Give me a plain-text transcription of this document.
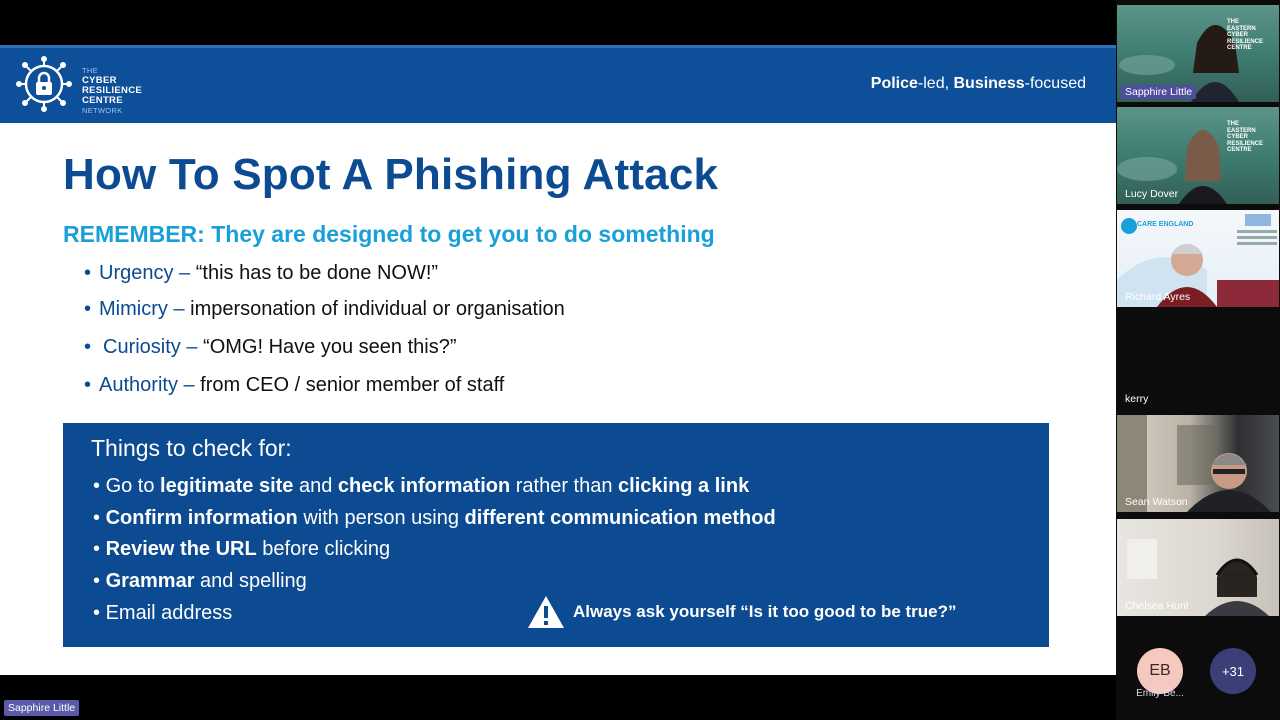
THE
CYBER
RESILIENCE
CENTRE
NETWORK
Police-led, Business-focused
How To Spot A Phishing Attack
REMEMBER: They are designed to get you to do something
• Urgency – “this has to be done NOW!”
• Mimicry – impersonation of individual or organisation
• Curiosity – “OMG! Have you seen this?”
• Authority – from CEO / senior member of staff
Things to check for:
• Go to legitimate site and check information rather than clicking a link
• Confirm information with person using different communication method
• Review the URL before clicking
• Grammar and spelling
• Email address	Always ask yourself “Is it too good to be true?”
THE
EASTERN
CYBER
RESILIENCE
CENTRE
Sapphire Little
THE
EASTERN
CYBER
RESILIENCE
CENTRE
Lucy Dover
CARE ENGLAND
Richard Ayres
kerry
Sean Watson
Chelsea Hunt
EB
Emily Be...
+31
Sapphire Little
